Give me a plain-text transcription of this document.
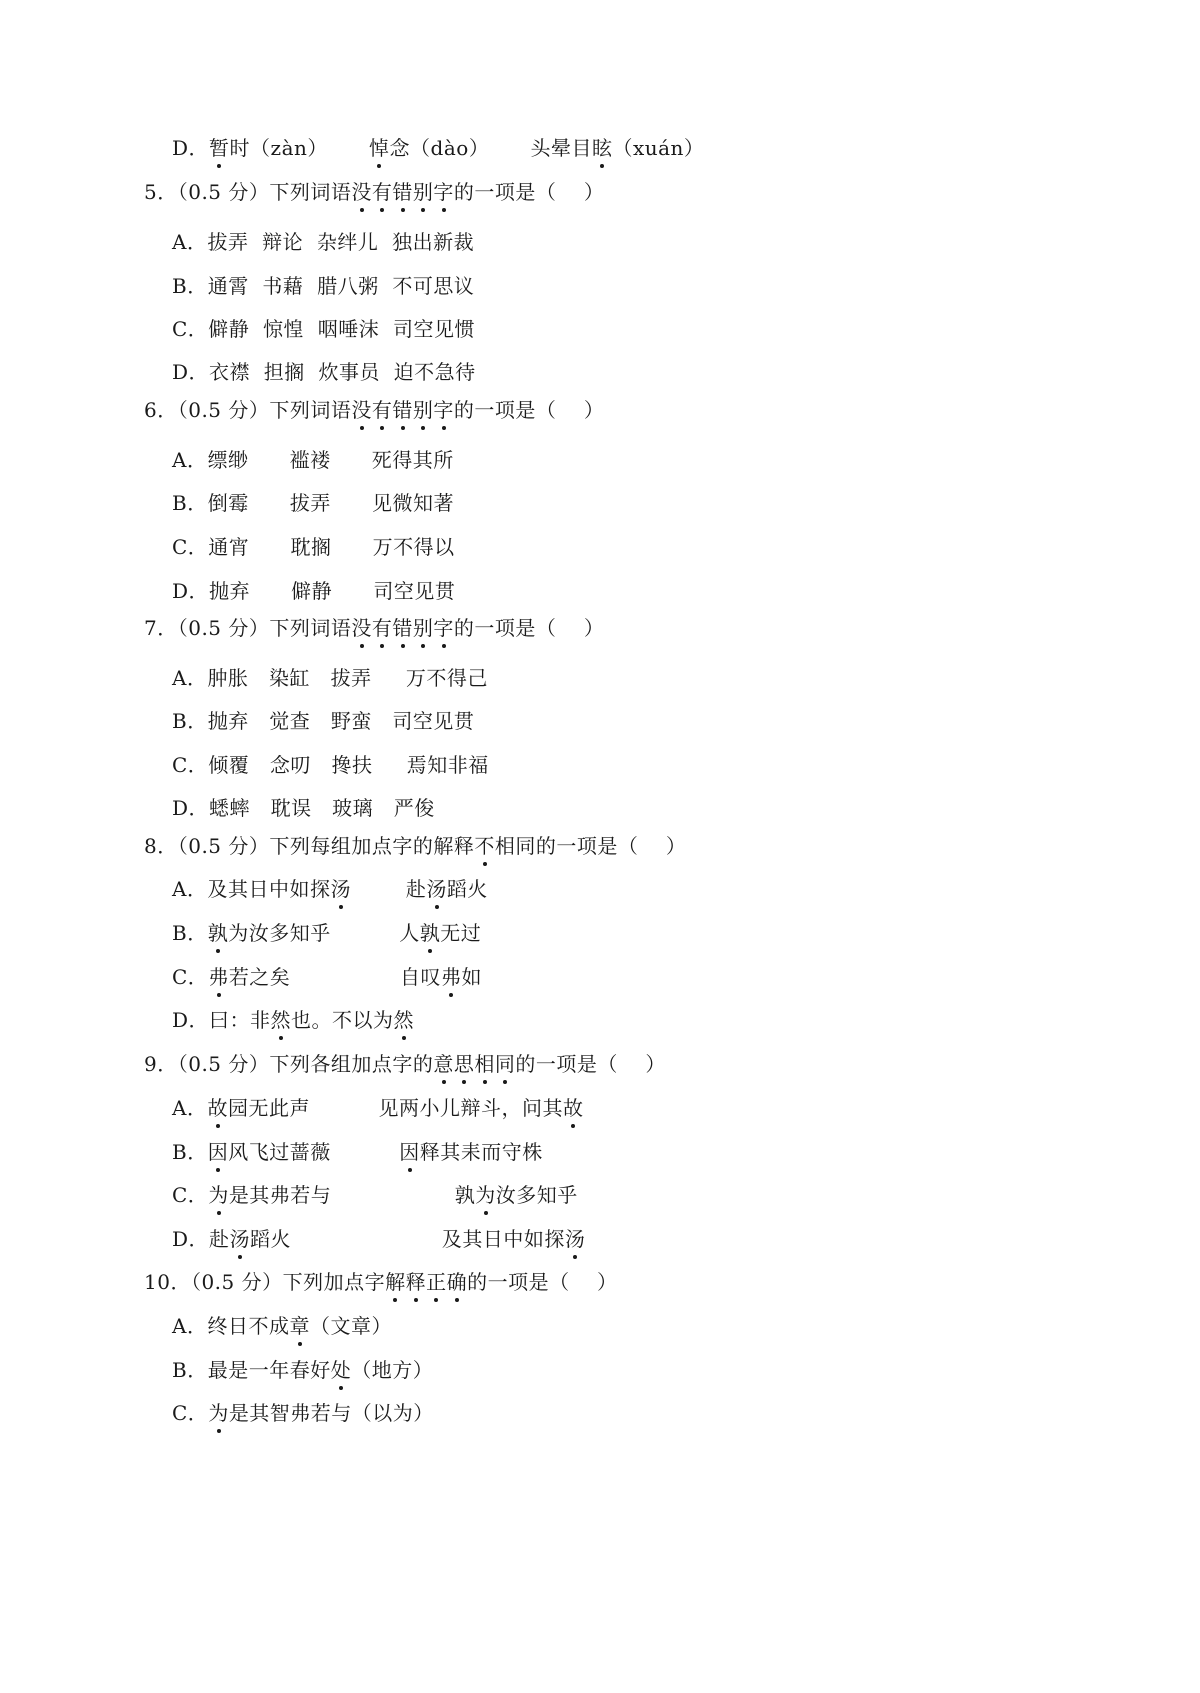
D．暂时（zàn）      悼念（dào）      头晕目眩（xuán）
5．（0.5 分）下列词语没有错别字的一项是（    ）
A．拔弄  辩论  杂绊儿  独出新裁
B．通霄  书藉  腊八粥  不可思议
C．僻静  惊惶  咽唾沫  司空见惯
D．衣襟  担搁  炊事员  迫不急待
6．（0.5 分）下列词语没有错别字的一项是（    ）
A．缥缈      褴褛      死得其所
B．倒霉      拔弄      见微知著
C．通宵      耽搁      万不得以
D．抛弃      僻静      司空见贯
7．（0.5 分）下列词语没有错别字的一项是（    ）
A．肿胀   染缸   拔弄     万不得己
B．抛弃   觉查   野蛮   司空见贯
C．倾覆   念叨   搀扶     焉知非福
D．蟋蟀   耽误   玻璃   严俊
8．（0.5 分）下列每组加点字的解释不相同的一项是（    ）
A．及其日中如探汤        赴汤蹈火
B．孰为汝多知乎          人孰无过
C．弗若之矣                自叹弗如
D．曰：非然也。不以为然
9．（0.5 分）下列各组加点字的意思相同的一项是（    ）
A．故园无此声          见两小儿辩斗，问其故
B．因风飞过蔷薇          因释其耒而守株
C．为是其弗若与                  孰为汝多知乎
D．赴汤蹈火                      及其日中如探汤
10．（0.5 分）下列加点字解释正确的一项是（    ）
A．终日不成章（文章）
B．最是一年春好处（地方）
C．为是其智弗若与（以为）
